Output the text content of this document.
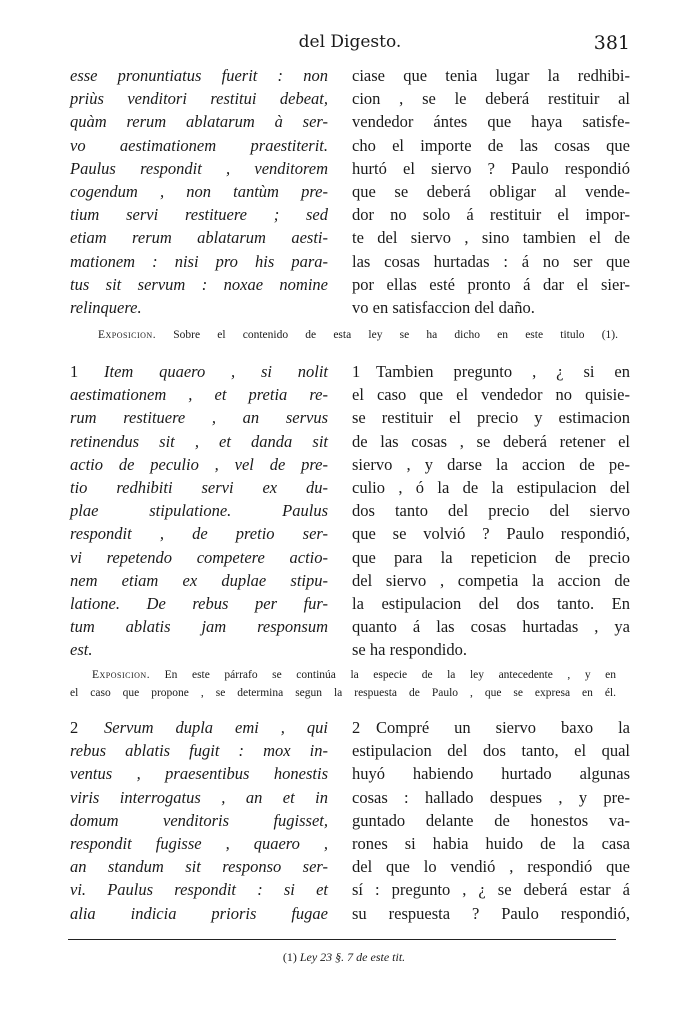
del Digesto.	381
esse pronuntiatus fuerit : non
priùs venditori restitui debeat,
quàm rerum ablatarum à ser-
vo aestimationem praestiterit.
Paulus respondit , venditorem
cogendum , non tantùm pre-
tium servi restituere ; sed
etiam rerum ablatarum aesti-
mationem : nisi pro his para-
tus sit servum : noxae nomine
relinquere.
ciase que tenia lugar la redhibi-
cion , se le deberá restituir al
vendedor ántes que haya satisfe-
cho el importe de las cosas que
hurtó el siervo ? Paulo respondió
que se deberá obligar al vende-
dor no solo á restituir el impor-
te del siervo , sino tambien el de
las cosas hurtadas : á no ser que
por ellas esté pronto á dar el sier-
vo en satisfaccion del daño.
Exposicion. Sobre el contenido de esta ley se ha dicho en este titulo (1).
1	Item quaero , si nolit
aestimationem , et pretia re-
rum restituere , an servus
retinendus sit , et danda sit
actio de peculio , vel de pre-
tio redhibiti servi ex du-
plae stipulatione. Paulus
respondit , de pretio ser-
vi repetendo competere actio-
nem etiam ex duplae stipu-
latione. De rebus per fur-
tum ablatis jam responsum
est.
1 Tambien pregunto , ¿ si en
el caso que el vendedor no quisie-
se restituir el precio y estimacion
de las cosas , se deberá retener el
siervo , y darse la accion de pe-
culio , ó la de la estipulacion del
dos tanto del precio del siervo
que se volvió ? Paulo respondió,
que para la repeticion de precio
del siervo , competia la accion de
la estipulacion del dos tanto. En
quanto á las cosas hurtadas , ya
se ha respondido.
Exposicion. En este párrafo se continúa la especie de la ley antecedente , y en
el caso que propone , se determina segun la respuesta de Paulo , que se expresa en él.
2	Servum dupla emi , qui
rebus ablatis fugit : mox in-
ventus , praesentibus honestis
viris interrogatus , an et in
domum venditoris fugisset,
respondit fugisse , quaero ,
an standum sit responso ser-
vi. Paulus respondit : si et
alia indicia prioris fugae
2 Compré un siervo baxo la
estipulacion del dos tanto, el qual
huyó habiendo hurtado algunas
cosas : hallado despues , y pre-
guntado delante de honestos va-
rones si habia huido de la casa
del que lo vendió , respondió que
sí : pregunto , ¿ se deberá estar á
su respuesta ? Paulo respondió,
(1) Ley 23 §. 7 de este tit.
